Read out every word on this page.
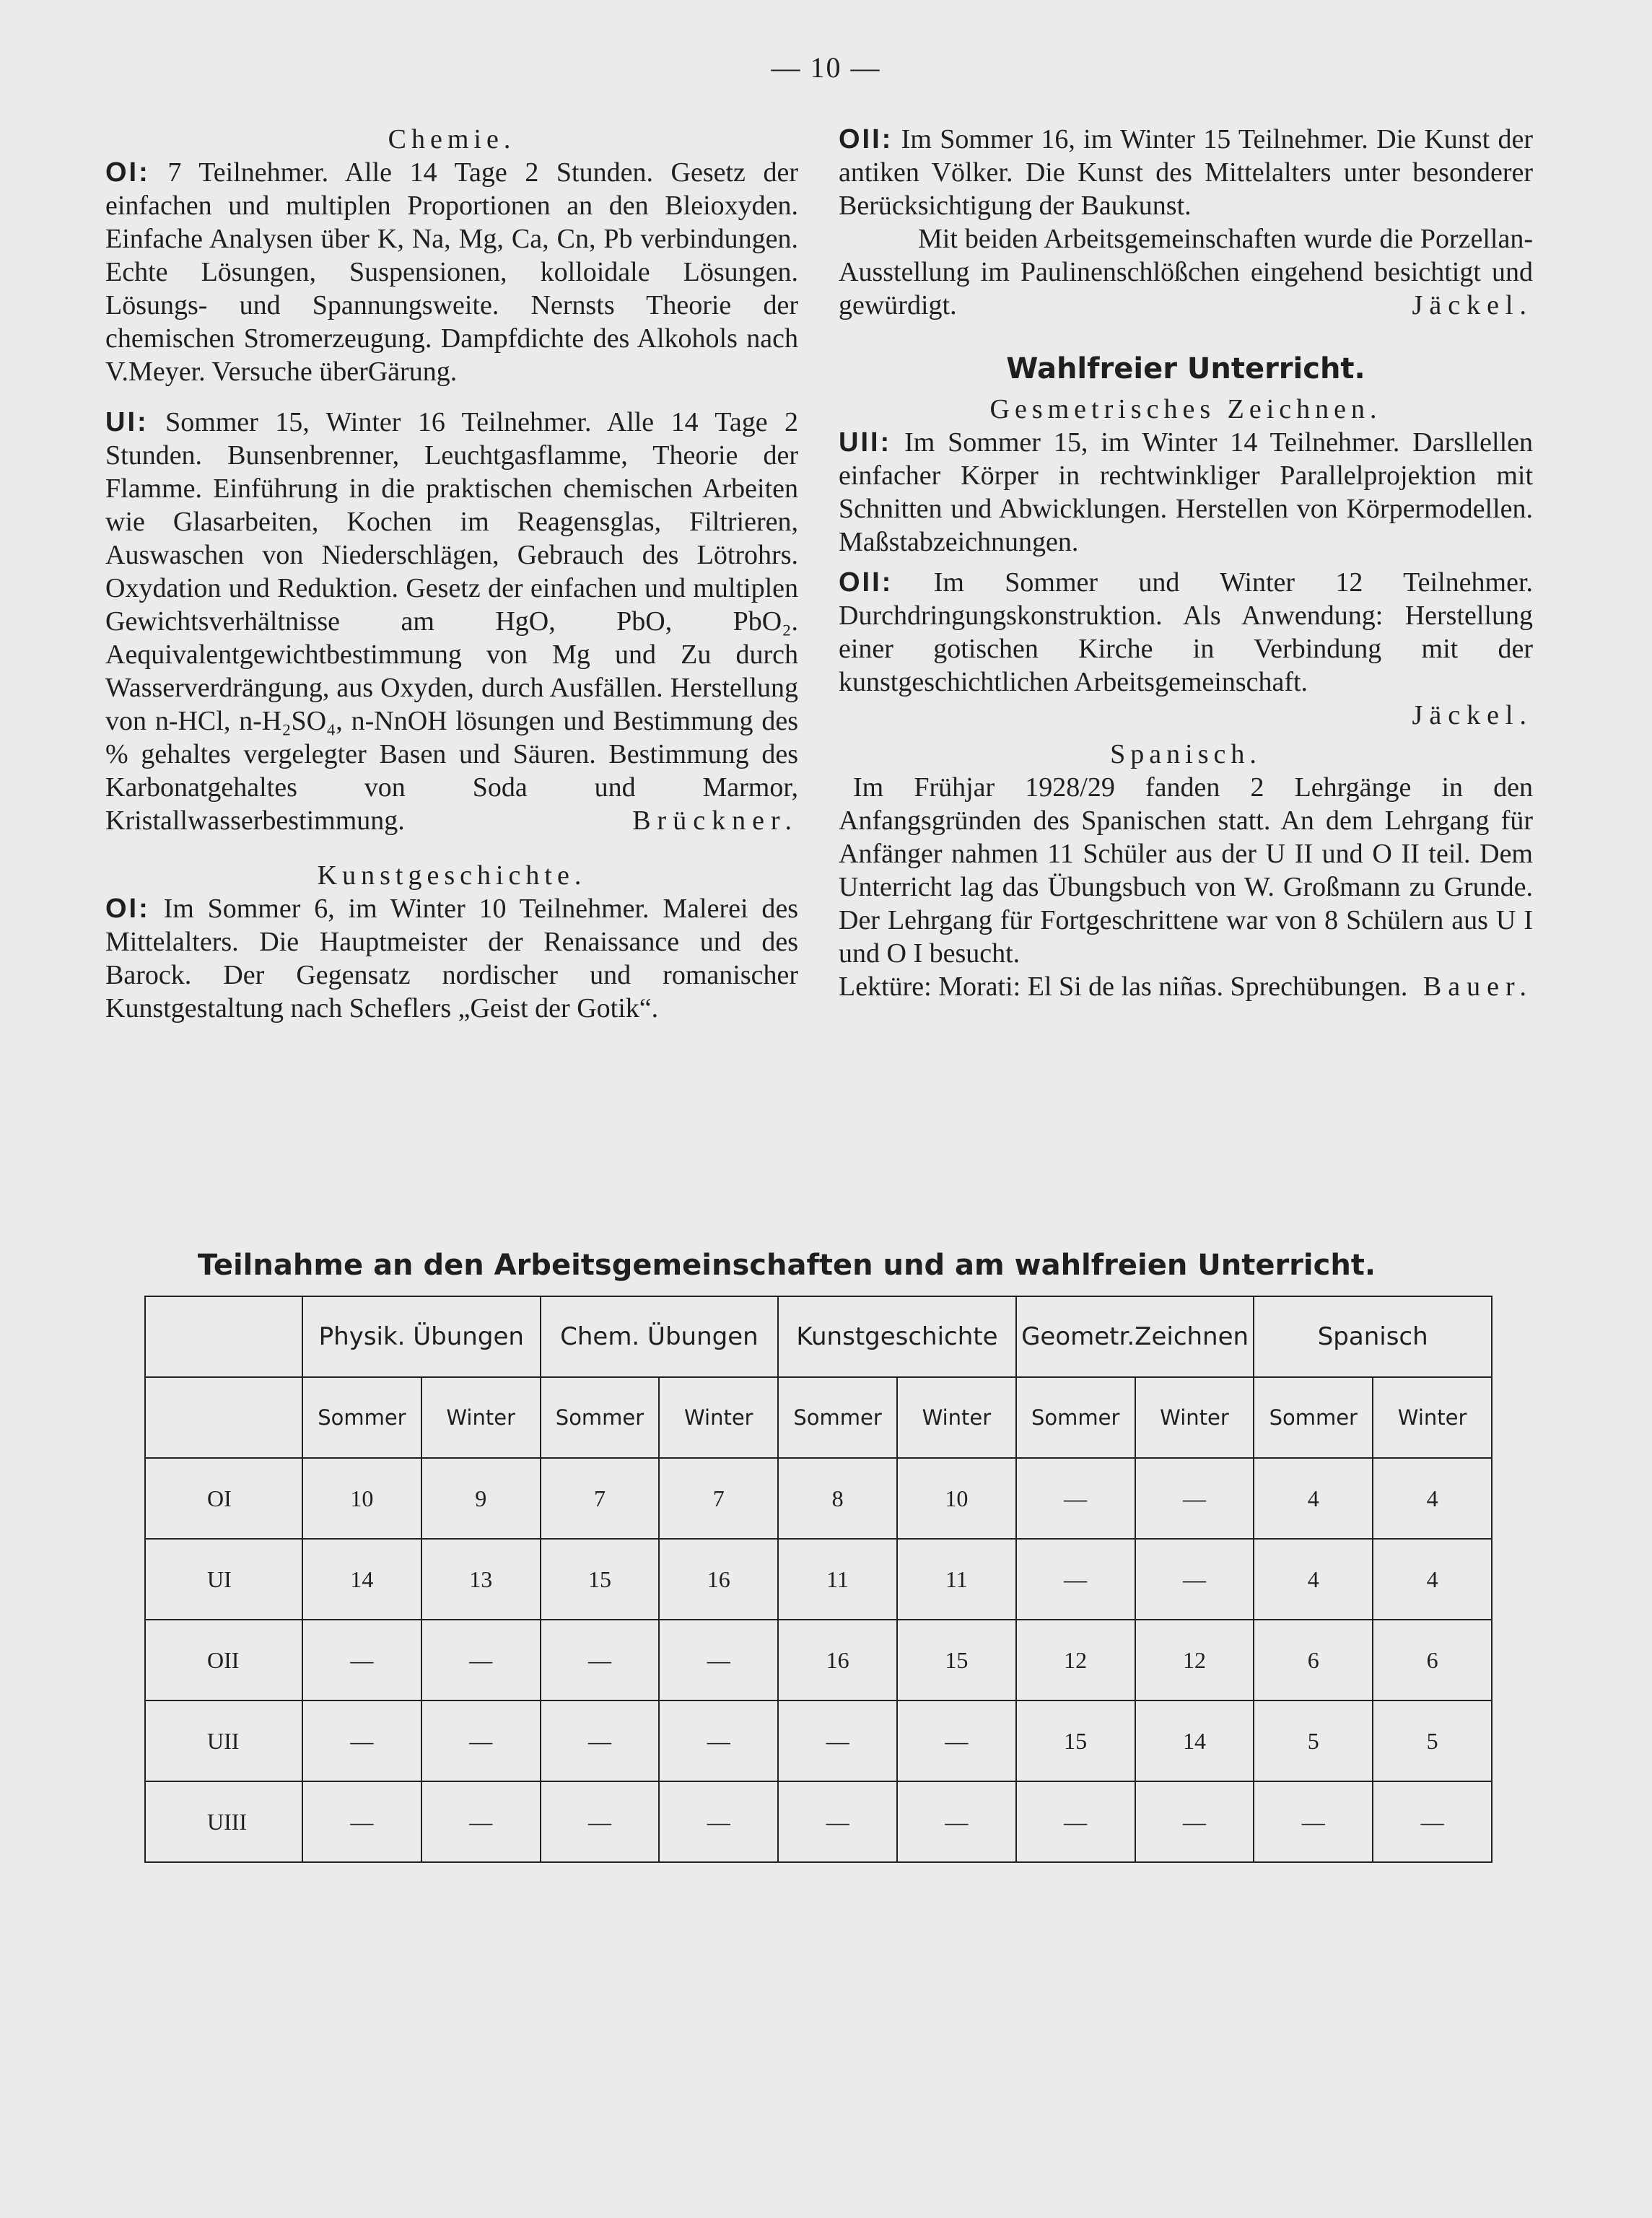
— 10 —

Chemie.

OI: 7 Teilnehmer. Alle 14 Tage 2 Stunden. Gesetz der einfachen und multiplen Proportionen an den Bleioxyden. Einfache Analysen über K, Na, Mg, Ca, Cn, Pb verbindungen. Echte Lösungen, Suspensionen, kolloidale Lösungen. Lösungs- und Spannungsweite. Nernsts Theorie der chemischen Stromerzeugung. Dampfdichte des Alkohols nach V.Meyer. Versuche überGärung.

UI: Sommer 15, Winter 16 Teilnehmer. Alle 14 Tage 2 Stunden. Bunsenbrenner, Leuchtgasflamme, Theorie der Flamme. Einführung in die praktischen chemischen Arbeiten wie Glasarbeiten, Kochen im Reagensglas, Filtrieren, Auswaschen von Niederschlägen, Gebrauch des Lötrohrs. Oxydation und Reduktion. Gesetz der einfachen und multiplen Gewichtsverhältnisse am HgO, PbO, PbO₂. Aequivalentgewichtbestimmung von Mg und Zu durch Wasserverdrängung, aus Oxyden, durch Ausfällen. Herstellung von n-HCl, n-H₂SO₄, n-NnOH lösungen und Bestimmung des % gehaltes vergelegter Basen und Säuren. Bestimmung des Karbonatgehaltes von Soda und Marmor, Kristallwasserbestimmung.	Brückner.

Kunstgeschichte.

OI: Im Sommer 6, im Winter 10 Teilnehmer. Malerei des Mittelalters. Die Hauptmeister der Renaissance und des Barock. Der Gegensatz nordischer und romanischer Kunstgestaltung nach Scheflers „Geist der Gotik“.

OII: Im Sommer 16, im Winter 15 Teilnehmer. Die Kunst der antiken Völker. Die Kunst des Mittelalters unter besonderer Berücksichtigung der Baukunst.

Mit beiden Arbeitsgemeinschaften wurde die Porzellan-Ausstellung im Paulinenschlößchen eingehend besichtigt und gewürdigt.	Jäckel.

Wahlfreier Unterricht.

Gesmetrisches Zeichnen.

UII: Im Sommer 15, im Winter 14 Teilnehmer. Darsllellen einfacher Körper in rechtwinkliger Parallelprojektion mit Schnitten und Abwicklungen. Herstellen von Körpermodellen. Maßstabzeichnungen.

OII: Im Sommer und Winter 12 Teilnehmer. Durchdringungskonstruktion. Als Anwendung: Herstellung einer gotischen Kirche in Verbindung mit der kunstgeschichtlichen Arbeitsgemeinschaft.

Jäckel.

Spanisch.

Im Frühjar 1928/29 fanden 2 Lehrgänge in den Anfangsgründen des Spanischen statt. An dem Lehrgang für Anfänger nahmen 11 Schüler aus der U II und O II teil. Dem Unterricht lag das Übungsbuch von W. Großmann zu Grunde. Der Lehrgang für Fortgeschrittene war von 8 Schülern aus U I und O I besucht.

Lektüre: Morati: El Si de las niñas. Sprechübungen. Bauer.

Teilnahme an den Arbeitsgemeinschaften und am wahlfreien Unterricht.
	Physik. Übungen		Chem. Übungen		Kunstgeschichte		Geometr.Zeichnen		Spanisch	
	Sommer	Winter	Sommer	Winter	Sommer	Winter	Sommer	Winter	Sommer	Winter
OI	10	9	7	7	8	10	—	—	4	4
UI	14	13	15	16	11	11	—	—	4	4
OII	—	—	—	—	16	15	12	12	6	6
UII	—	—	—	—	—	—	15	14	5	5
UIII	—	—	—	—	—	—	—	—	—	—
